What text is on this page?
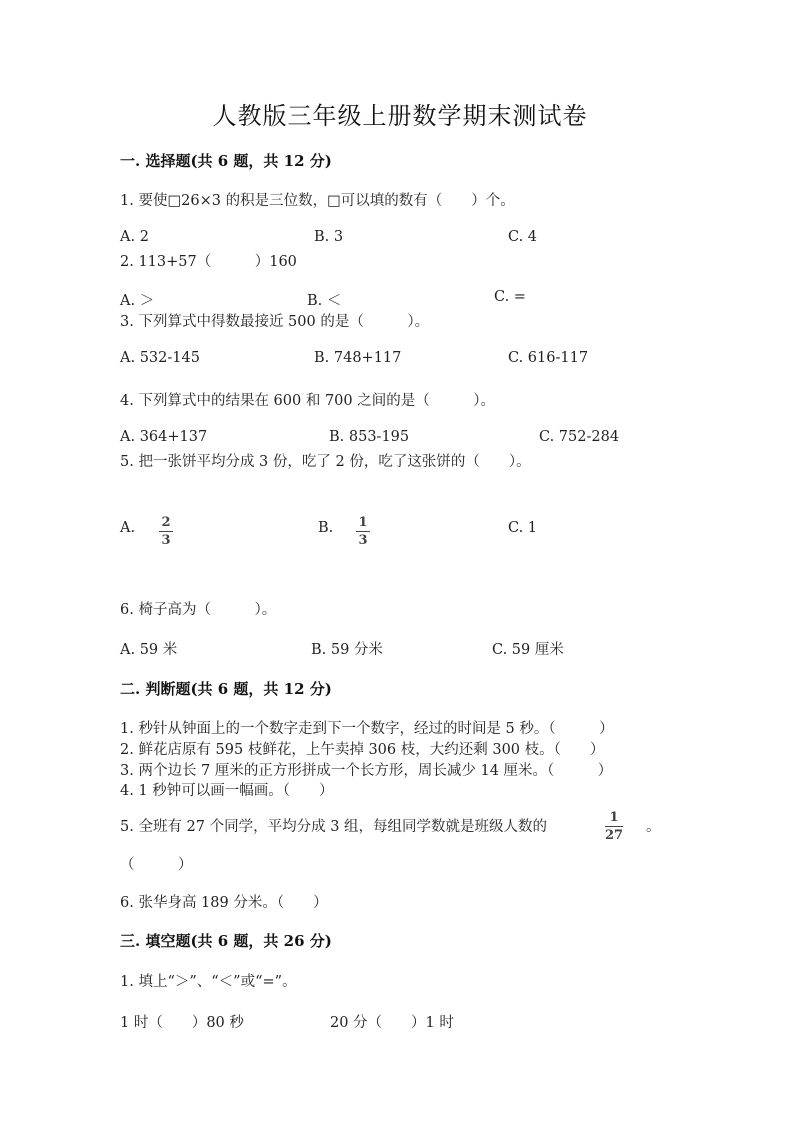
人教版三年级上册数学期末测试卷
一. 选择题(共 6 题，共 12 分)
1. 要使□26×3 的积是三位数，□可以填的数有（　　）个。
A. 2	B. 3	C. 4
2. 113+57（　　　）160
A. ＞	B. ＜	C. =
3. 下列算式中得数最接近 500 的是（　　　）。
A. 532-145	B. 748+117	C. 616-117
4. 下列算式中的结果在 600 和 700 之间的是（　　　）。
A. 364+137	B. 853-195	C. 752-284
5. 把一张饼平均分成 3 份，吃了 2 份，吃了这张饼的（　　）。
A. $\frac{2}{3}$	B. $\frac{1}{3}$	C. 1
6. 椅子高为（　　　）。
A. 59 米	B. 59 分米	C. 59 厘米
二. 判断题(共 6 题，共 12 分)
1. 秒针从钟面上的一个数字走到下一个数字，经过的时间是 5 秒。（　　　）
2. 鲜花店原有 595 枝鲜花，上午卖掉 306 枝，大约还剩 300 枝。（　　）
3. 两个边长 7 厘米的正方形拼成一个长方形，周长减少 14 厘米。（　　　）
4. 1 秒钟可以画一幅画。（　　）
5. 全班有 27 个同学，平均分成 3 组，每组同学数就是班级人数的	$\frac{1}{27}$ 。
（　　　）
6. 张华身高 189 分米。（　　）
三. 填空题(共 6 题，共 26 分)
1. 填上“＞”、“＜”或“=”。
1 时（　　）80 秒	20 分（　　）1 时
